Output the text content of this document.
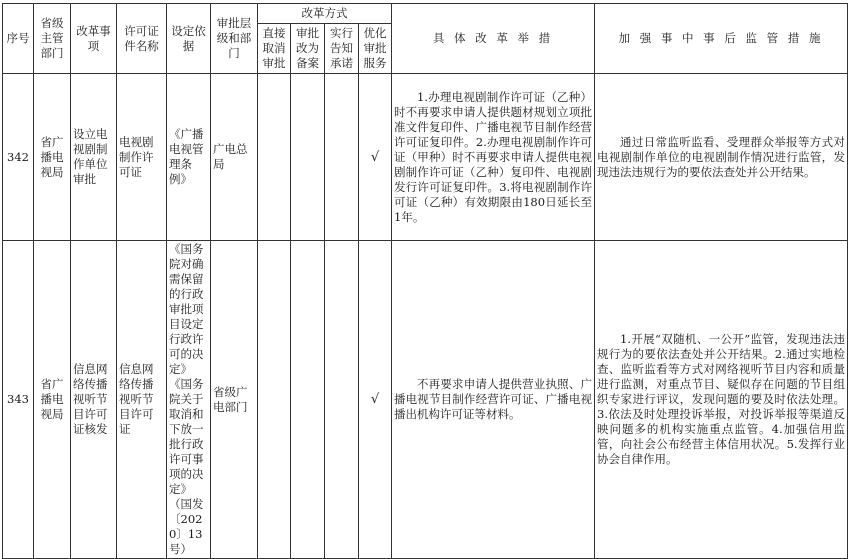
序号	省级主管部门	改革事项	许可证件名称	设定依据	审批层级和部门	改革方式				具 体 改 革 举 措	加 强 事 中 事 后 监 管 措 施
						直接取消审批	审批改为备案	实行告知承诺	优化审批服务		
342	省广播电视局	设立电视剧制作单位审批	电视剧制作许可证	《广播电视管理条例》	广电总局				√	1.办理电视剧制作许可证（乙种）时不再要求申请人提供题材规划立项批准文件复印件、广播电视节目制作经营许可证复印件。2.办理电视剧制作许可证（甲种）时不再要求申请人提供电视剧制作许可证（乙种）复印件、电视剧发行许可证复印件。3.将电视剧制作许可证（乙种）有效期限由180日延长至1年。	通过日常监听监看、受理群众举报等方式对电视剧制作单位的电视剧制作情况进行监管，发现违法违规行为的要依法查处并公开结果。
343	省广播电视局	信息网络传播视听节目许可证核发	信息网络传播视听节目许可证	《国务院对确需保留的行政审批项目设定行政许可的决定》《国务院关于取消和下放一批行政许可事项的决定》（国发〔2020〕13号）	省级广电部门				√	不再要求申请人提供营业执照、广播电视节目制作经营许可证、广播电视播出机构许可证等材料。	1.开展“双随机、一公开”监管，发现违法违规行为的要依法查处并公开结果。2.通过实地检查、监听监看等方式对网络视听节目内容和质量进行监测，对重点节目、疑似存在问题的节目组织专家进行评议，发现问题的要及时依法处理。3.依法及时处理投诉举报，对投诉举报等渠道反映问题多的机构实施重点监管。4.加强信用监管，向社会公布经营主体信用状况。5.发挥行业协会自律作用。
